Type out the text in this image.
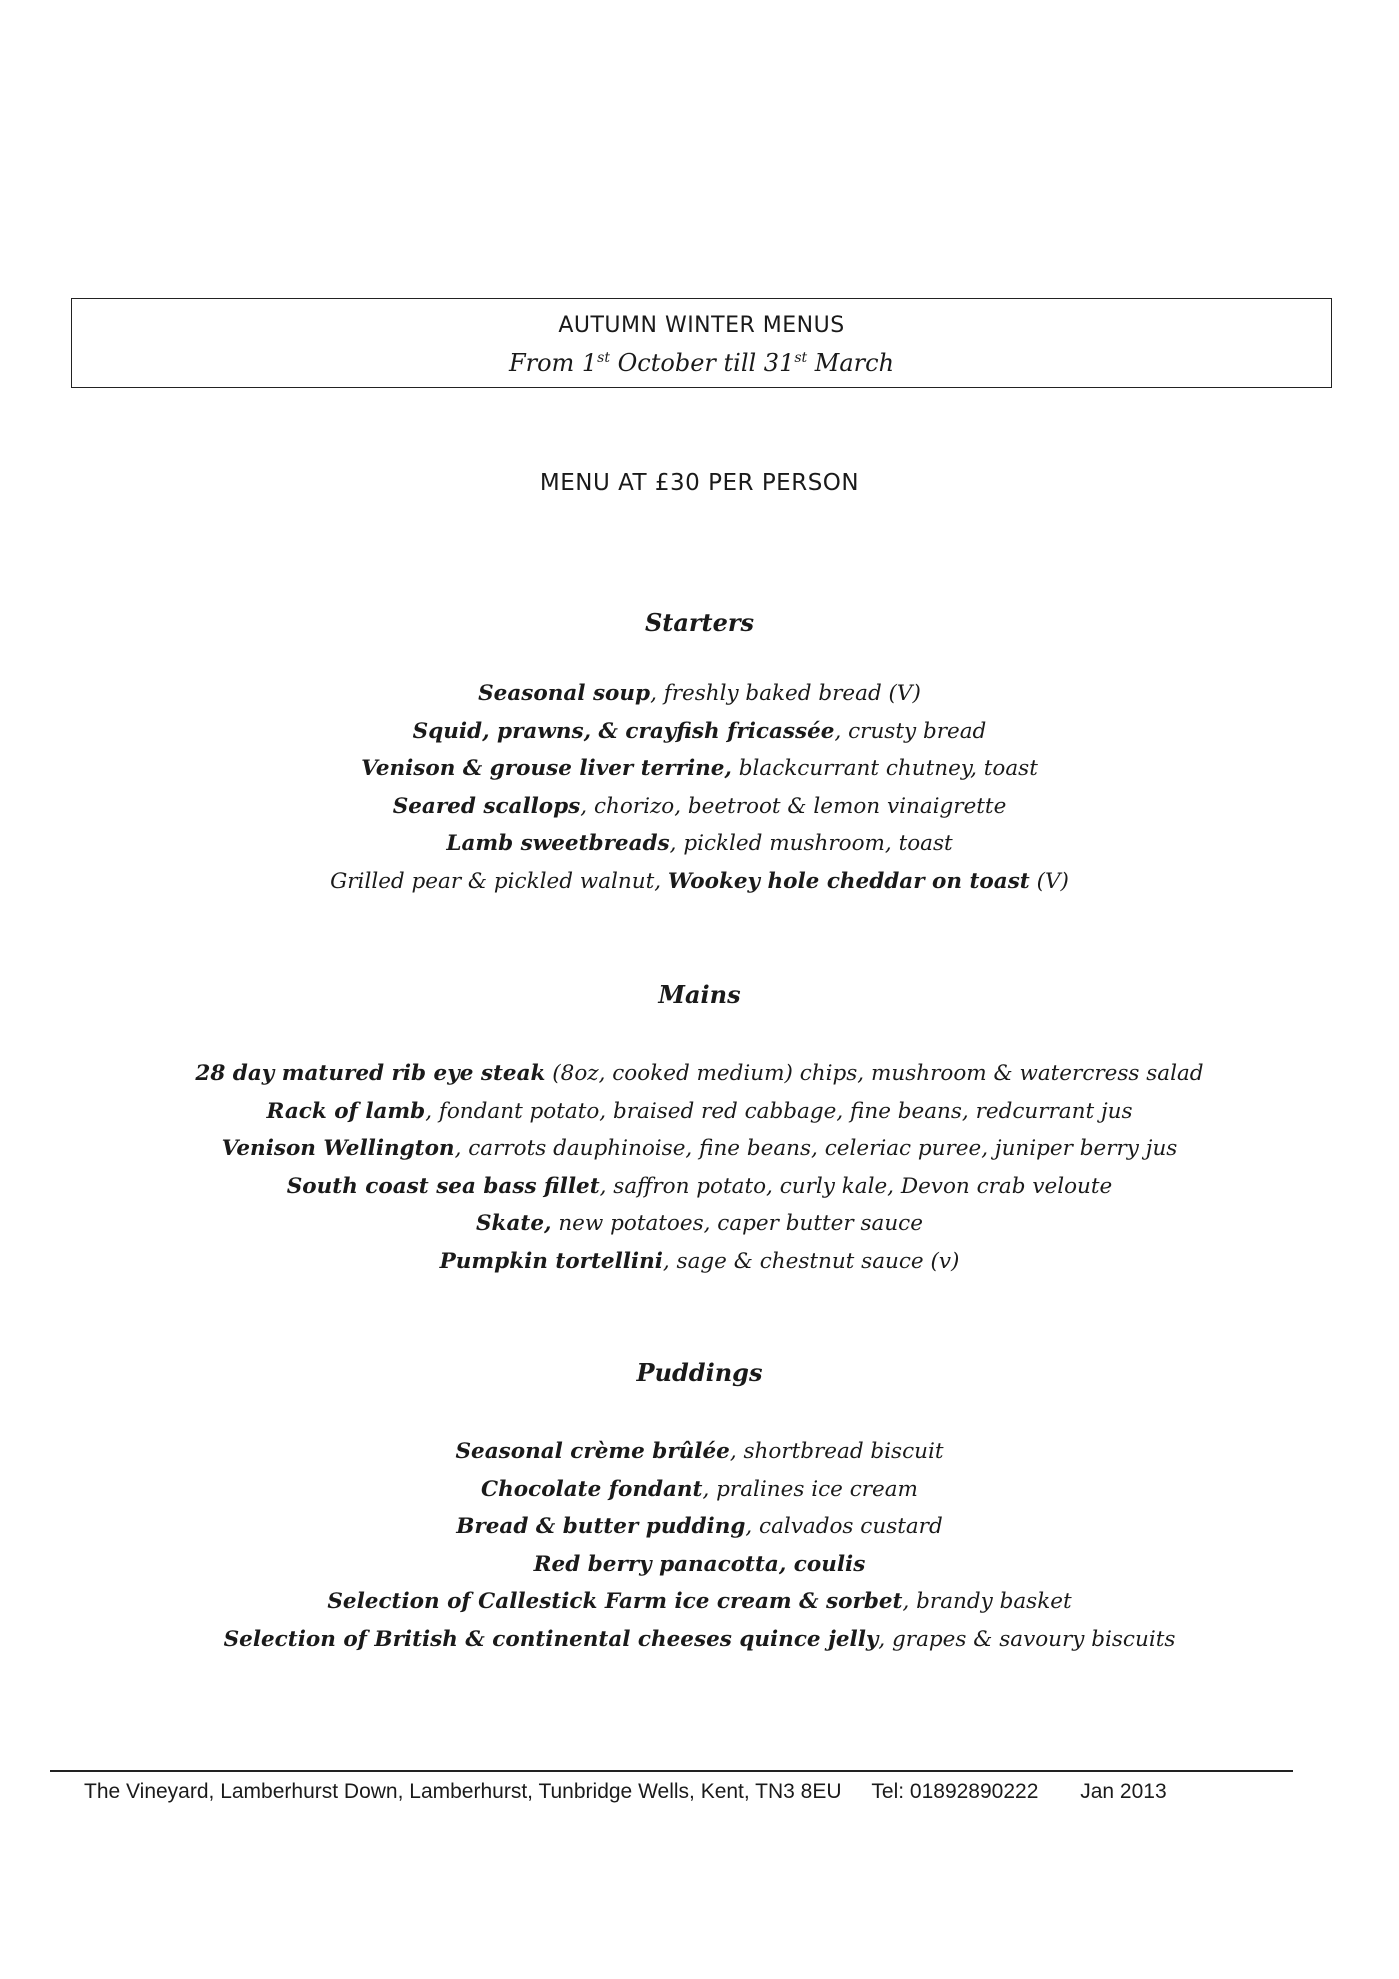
AUTUMN WINTER MENUS
From 1st October till 31st March
MENU AT £30 PER PERSON
Starters
Seasonal soup, freshly baked bread (V)
Squid, prawns, & crayfish fricassée, crusty bread
Venison & grouse liver terrine, blackcurrant chutney, toast
Seared scallops, chorizo, beetroot & lemon vinaigrette
Lamb sweetbreads, pickled mushroom, toast
Grilled pear & pickled walnut, Wookey hole cheddar on toast (V)
Mains
28 day matured rib eye steak (8oz, cooked medium) chips, mushroom & watercress salad
Rack of lamb, fondant potato, braised red cabbage, fine beans, redcurrant jus
Venison Wellington, carrots dauphinoise, fine beans, celeriac puree, juniper berry jus
South coast sea bass fillet, saffron potato, curly kale, Devon crab veloute
Skate, new potatoes, caper butter sauce
Pumpkin tortellini, sage & chestnut sauce (v)
Puddings
Seasonal crème brûlée, shortbread biscuit
Chocolate fondant, pralines ice cream
Bread & butter pudding, calvados custard
Red berry panacotta, coulis
Selection of Callestick Farm ice cream & sorbet, brandy basket
Selection of British & continental cheeses quince jelly, grapes & savoury biscuits
The Vineyard, Lamberhurst Down, Lamberhurst, Tunbridge Wells, Kent, TN3 8EU Tel: 01892890222 Jan 2013
